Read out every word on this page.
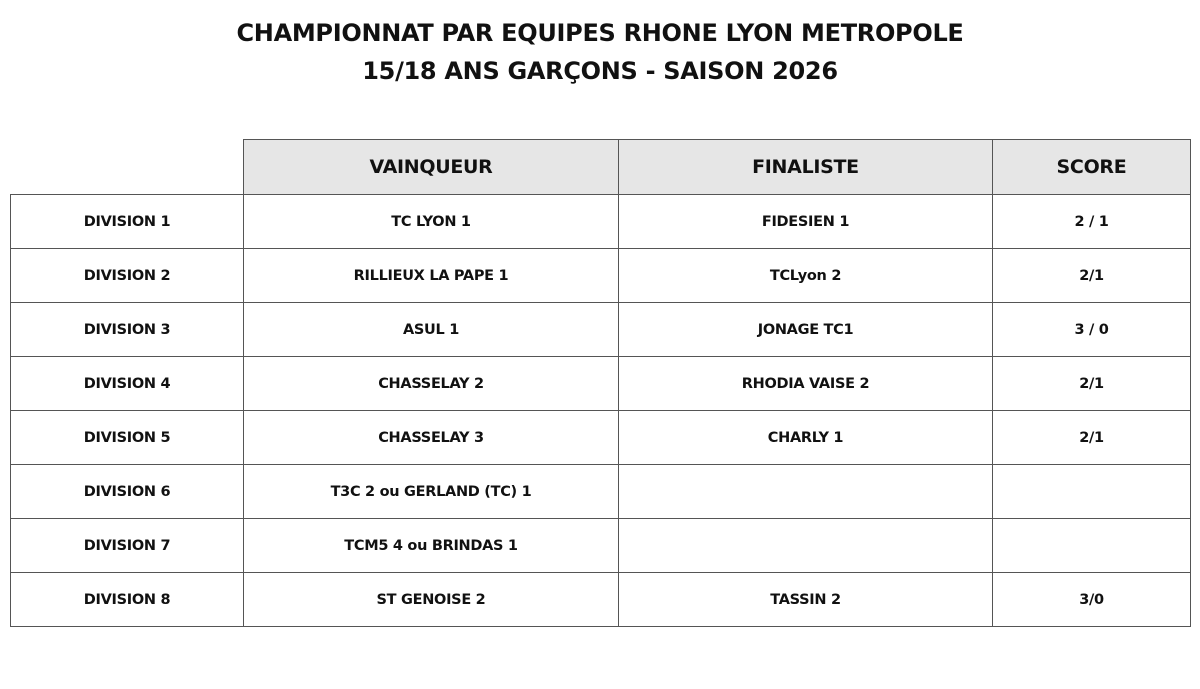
CHAMPIONNAT PAR EQUIPES RHONE LYON METROPOLE
15/18 ANS GARÇONS - SAISON 2026
	VAINQUEUR	FINALISTE	SCORE
DIVISION 1	TC LYON 1	FIDESIEN 1	2 / 1
DIVISION 2	RILLIEUX LA PAPE 1	TCLyon 2	2/1
DIVISION 3	ASUL 1	JONAGE TC1	3 / 0
DIVISION 4	CHASSELAY 2	RHODIA VAISE 2	2/1
DIVISION 5	CHASSELAY 3	CHARLY 1	2/1
DIVISION 6	T3C 2 ou GERLAND (TC) 1		
DIVISION 7	TCM5 4 ou BRINDAS 1		
DIVISION 8	ST GENOISE 2	TASSIN 2	3/0
